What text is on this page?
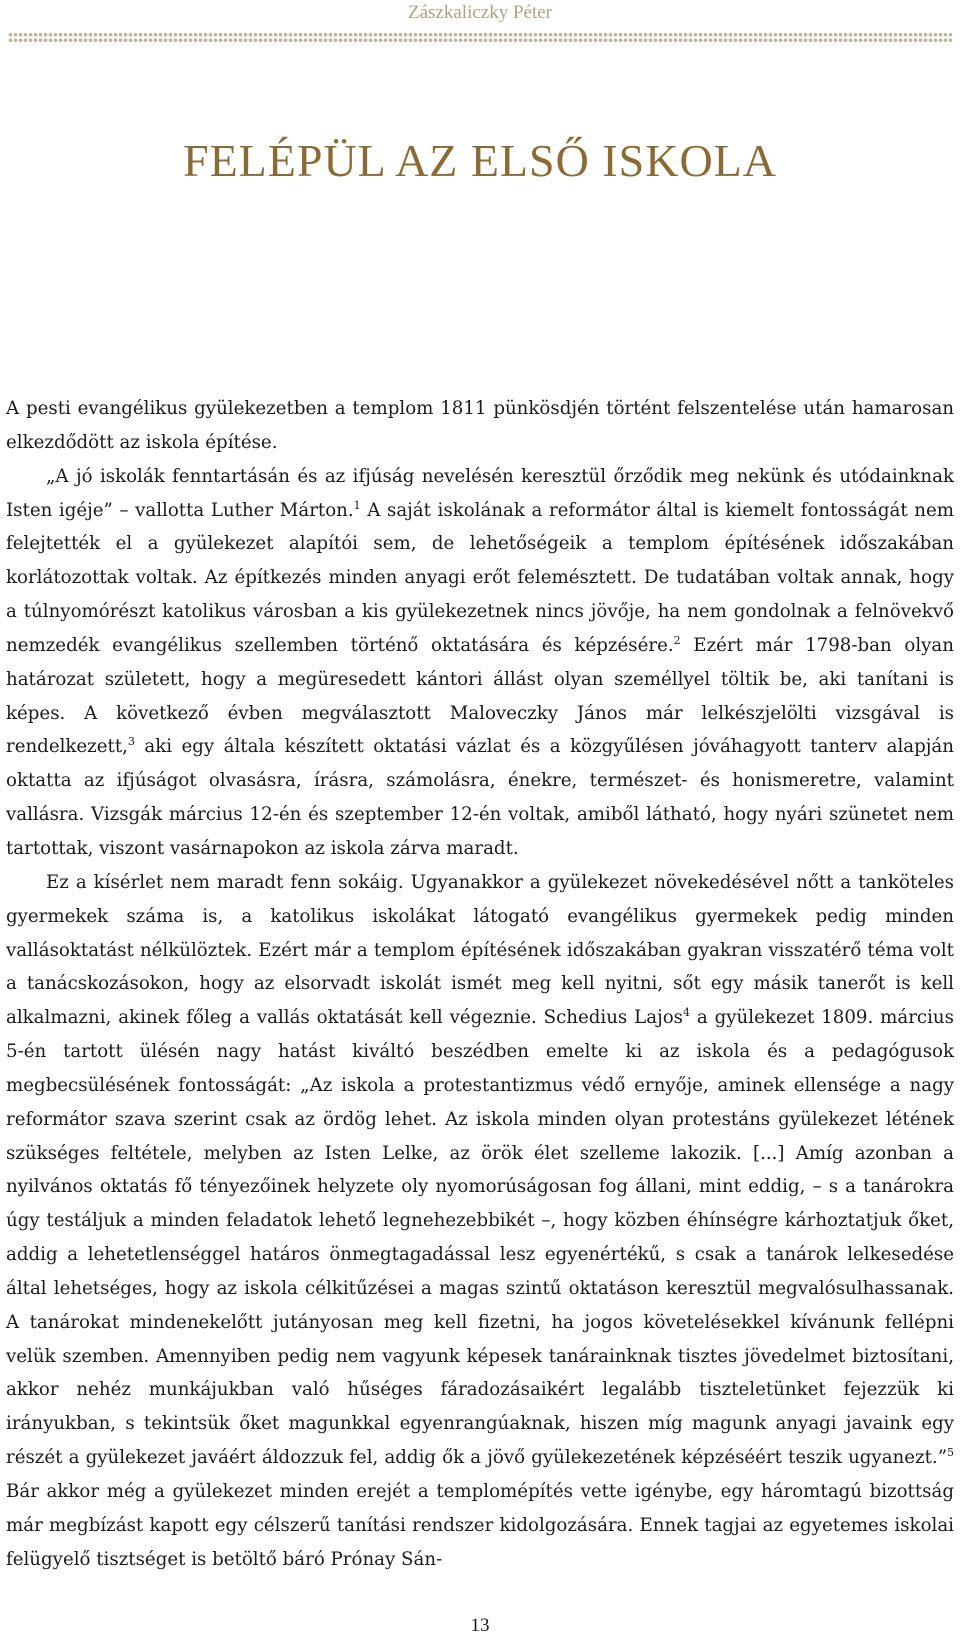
Zászkaliczky Péter
FELÉPÜL AZ ELSŐ ISKOLA

A pesti evangélikus gyülekezetben a templom 1811 pünkösdjén történt felszentelése után hamarosan elkezdődött az iskola építése.

„A jó iskolák fenntartásán és az ifjúság nevelésén keresztül őrződik meg nekünk és utódainknak Isten igéje” – vallotta Luther Márton.$^1$ A saját iskolának a reformátor által is kiemelt fontosságát nem felejtették el a gyülekezet alapítói sem, de lehetőségeik a templom építésének időszakában korlátozottak voltak. Az építkezés minden anyagi erőt felemésztett. De tudatában voltak annak, hogy a túlnyomórészt katolikus városban a kis gyülekezetnek nincs jövője, ha nem gondolnak a felnövekvő nemzedék evangélikus szellemben történő oktatására és képzésére.$^2$ Ezért már 1798-ban olyan határozat született, hogy a megüresedett kántori állást olyan személlyel töltik be, aki tanítani is képes. A következő évben megválasztott Maloveczky János már lelkészjelölti vizsgával is rendelkezett,$^3$ aki egy általa készített oktatási vázlat és a közgyűlésen jóváhagyott tanterv alapján oktatta az ifjúságot olvasásra, írásra, számolásra, énekre, természet- és honismeretre, valamint vallásra. Vizsgák március 12-én és szeptember 12-én voltak, amiből látható, hogy nyári szünetet nem tartottak, viszont vasárnapokon az iskola zárva maradt.

Ez a kísérlet nem maradt fenn sokáig. Ugyanakkor a gyülekezet növekedésével nőtt a tanköteles gyermekek száma is, a katolikus iskolákat látogató evangélikus gyermekek pedig minden vallásoktatást nélkülöztek. Ezért már a templom építésének időszakában gyakran visszatérő téma volt a tanácskozásokon, hogy az elsorvadt iskolát ismét meg kell nyitni, sőt egy másik tanerőt is kell alkalmazni, akinek főleg a vallás oktatását kell végeznie. Schedius Lajos$^4$ a gyülekezet 1809. március 5-én tartott ülésén nagy hatást kiváltó beszédben emelte ki az iskola és a pedagógusok megbecsülésének fontosságát: „Az iskola a protestantizmus védő ernyője, aminek ellensége a nagy reformátor szava szerint csak az ördög lehet. Az iskola minden olyan protestáns gyülekezet létének szükséges feltétele, melyben az Isten Lelke, az örök élet szelleme lakozik. [...] Amíg azonban a nyilvános oktatás fő tényezőinek helyzete oly nyomorúságosan fog állani, mint eddig, – s a tanárokra úgy testáljuk a minden feladatok lehető legnehezebbikét –, hogy közben éhínségre kárhoztatjuk őket, addig a lehetetlenséggel határos önmegtagadással lesz egyenértékű, s csak a tanárok lelkesedése által lehetséges, hogy az iskola célkitűzései a magas szintű oktatáson keresztül megvalósulhassanak. A tanárokat mindenekelőtt jutányosan meg kell fizetni, ha jogos követelésekkel kívánunk fellépni velük szemben. Amennyiben pedig nem vagyunk képesek tanárainknak tisztes jövedelmet biztosítani, akkor nehéz munkájukban való hűséges fáradozásaikért legalább tiszteletünket fejezzük ki irányukban, s tekintsük őket magunkkal egyenrangúaknak, hiszen míg magunk anyagi javaink egy részét a gyülekezet javáért áldozzuk fel, addig ők a jövő gyülekezetének képzéséért teszik ugyanezt.”$^5$ Bár akkor még a gyülekezet minden erejét a templomépítés vette igénybe, egy háromtagú bizottság már megbízást kapott egy célszerű tanítási rendszer kidolgozására. Ennek tagjai az egyetemes iskolai felügyelő tisztséget is betöltő báró Prónay Sán-

13
